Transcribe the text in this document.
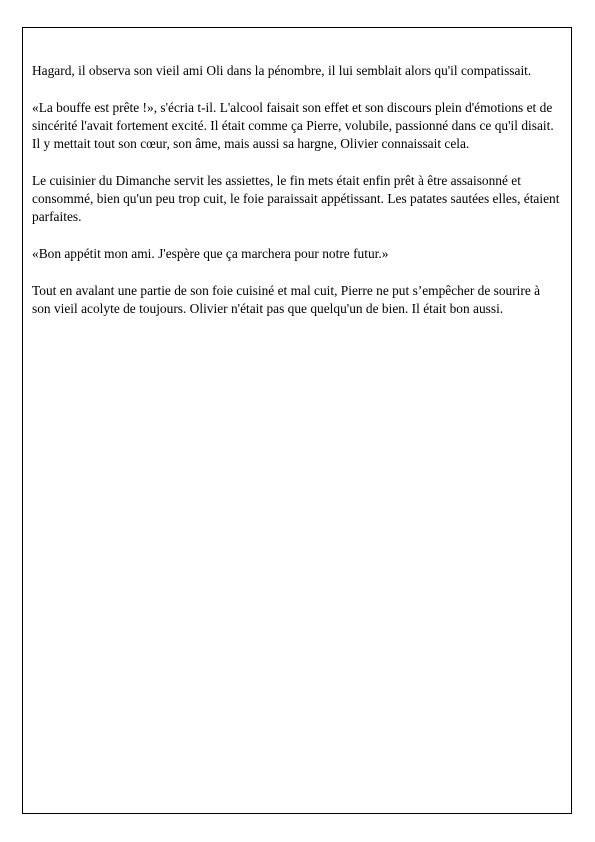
Hagard, il observa son vieil ami Oli dans la pénombre, il lui semblait alors qu'il compatissait.

«La bouffe est prête !», s'écria t-il. L'alcool faisait son effet et son discours plein d'émotions et de sincérité l'avait fortement excité. Il était comme ça Pierre, volubile, passionné dans ce qu'il disait. Il y mettait tout son cœur, son âme, mais aussi sa hargne, Olivier connaissait cela.

Le cuisinier du Dimanche servit les assiettes, le fin mets était enfin prêt à être assaisonné et consommé, bien qu'un peu trop cuit, le foie paraissait appétissant. Les patates sautées elles, étaient parfaites.

«Bon appétit mon ami. J'espère que ça marchera pour notre futur.»

Tout en avalant une partie de son foie cuisiné et mal cuit, Pierre ne put s’empêcher de sourire à son vieil acolyte de toujours. Olivier n'était pas que quelqu'un de bien. Il était bon aussi.
